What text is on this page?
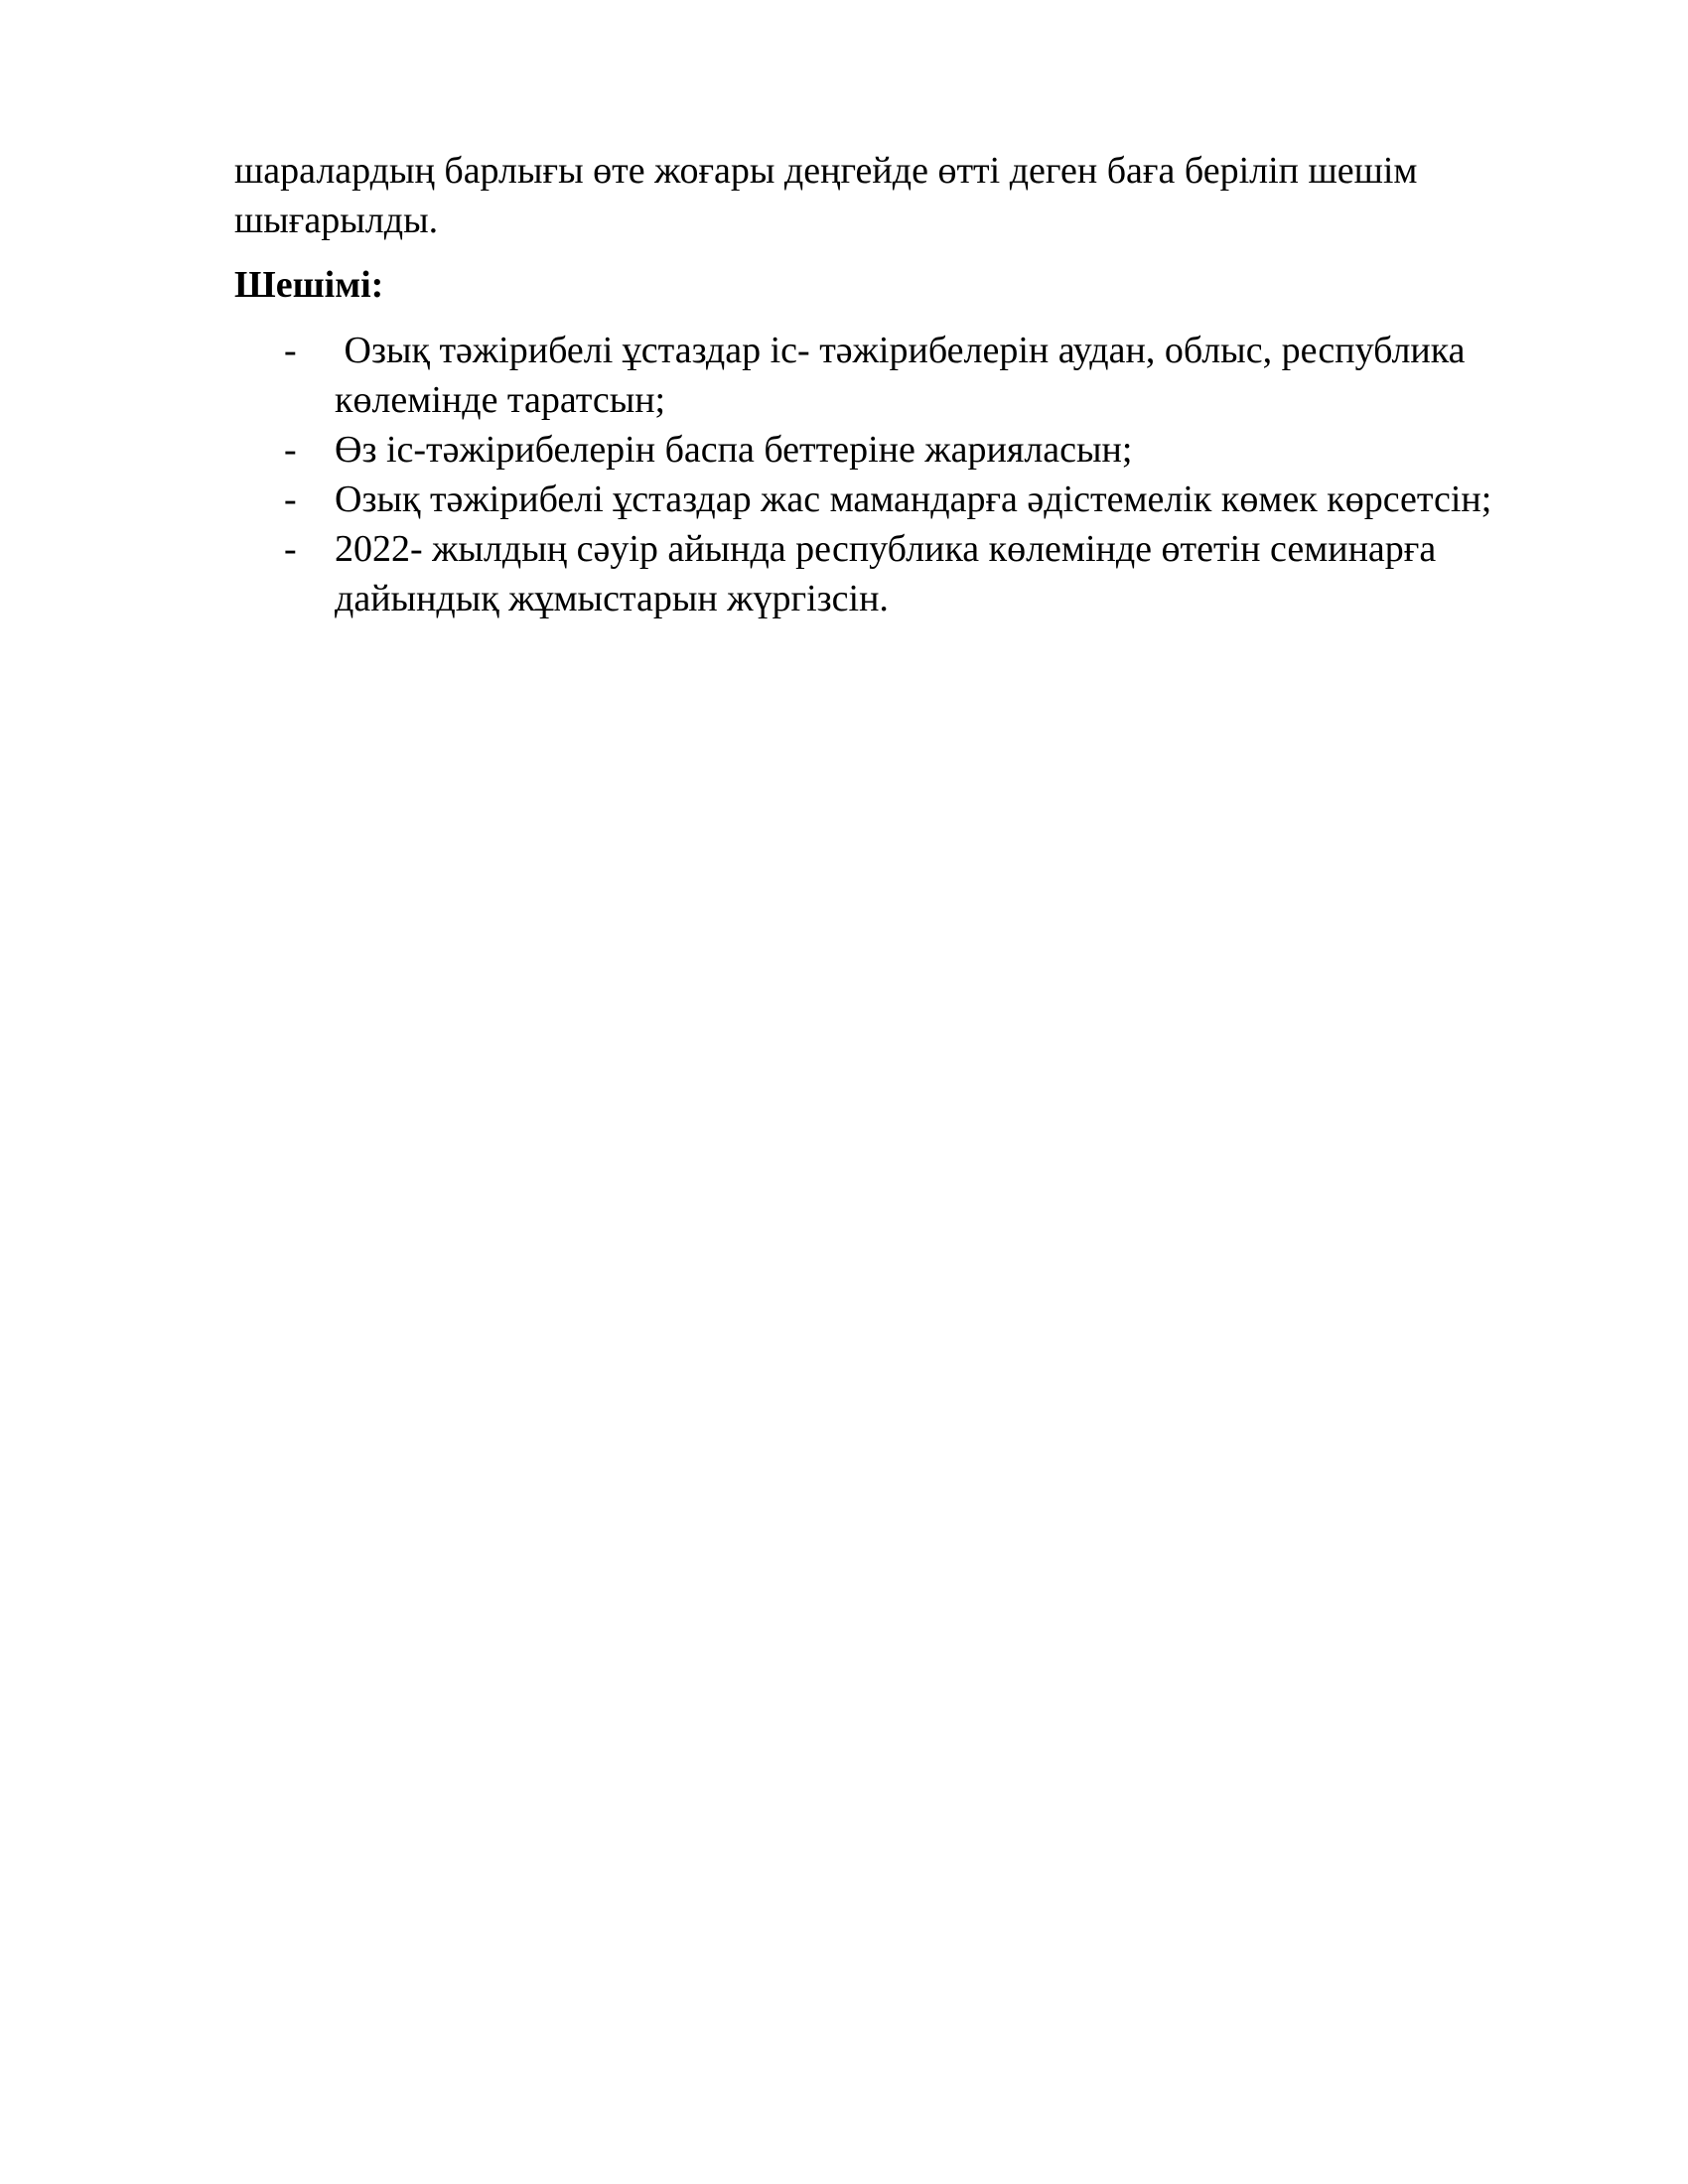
шаралардың барлығы өте жоғары деңгейде өтті деген баға беріліп шешім
шығарылды.
Шешімі:
- Озық тәжірибелі ұстаздар іс- тәжірибелерін аудан, облыс, республика
көлемінде таратсын;
- Өз іс-тәжірибелерін баспа беттеріне жарияласын;
- Озық тәжірибелі ұстаздар жас мамандарға әдістемелік көмек көрсетсін;
- 2022- жылдың сәуір айында республика көлемінде өтетін семинарға
дайындық жұмыстарын жүргізсін.
